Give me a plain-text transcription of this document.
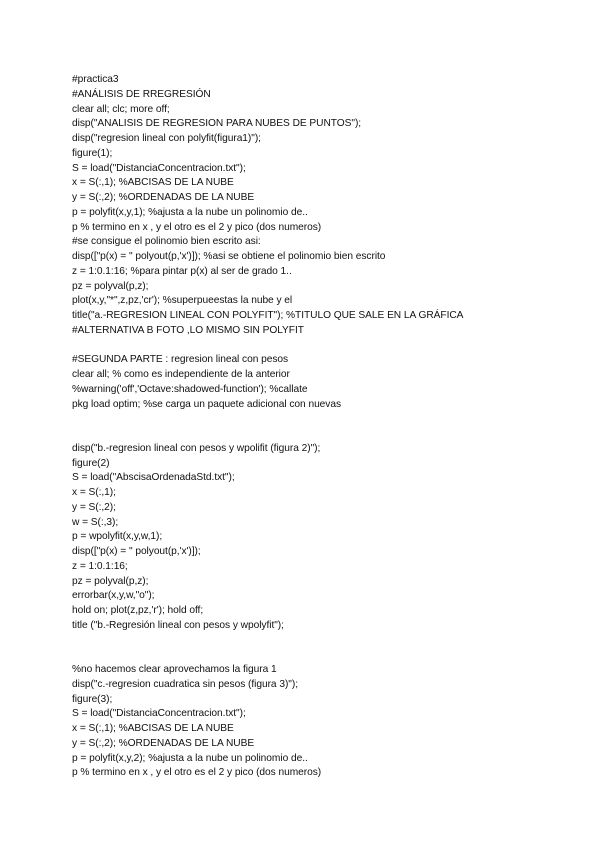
#practica3
#ANÁLISIS DE RREGRESIÓN
clear all; clc; more off;
disp("ANALISIS DE REGRESION PARA NUBES DE PUNTOS");
disp("regresion lineal con polyfit(figura1)");
figure(1);
S = load("DistanciaConcentracion.txt");
x = S(:,1); %ABCISAS DE LA NUBE
y = S(:,2); %ORDENADAS DE LA NUBE
p = polyfit(x,y,1); %ajusta a la nube un polinomio de..
p % termino en x , y el otro es el 2 y pico (dos numeros)
#se consigue el polinomio bien escrito asi:
disp(["p(x) = " polyout(p,'x')]); %asi se obtiene el polinomio bien escrito
z = 1:0.1:16; %para pintar p(x) al ser de grado 1..
pz = polyval(p,z);
plot(x,y,"*",z,pz,'cr'); %superpueestas la nube y el
title("a.-REGRESION LINEAL CON POLYFIT"); %TITULO QUE SALE EN LA GRÁFICA
#ALTERNATIVA B FOTO ,LO MISMO SIN POLYFIT
#SEGUNDA PARTE : regresion lineal con pesos
clear all; % como es independiente de la anterior
%warning('off','Octave:shadowed-function'); %callate
pkg load optim; %se carga un paquete adicional con nuevas
disp("b.-regresion lineal con pesos y wpolifit (figura 2)");
figure(2)
S = load("AbscisaOrdenadaStd.txt");
x = S(:,1);
y = S(:,2);
w = S(:,3);
p = wpolyfit(x,y,w,1);
disp(["p(x) = " polyout(p,'x')]);
z = 1:0.1:16;
pz = polyval(p,z);
errorbar(x,y,w,"o");
hold on; plot(z,pz,'r'); hold off;
title ("b.-Regresión lineal con pesos y wpolyfit");
%no hacemos clear aprovechamos la figura 1
disp("c.-regresion cuadratica sin pesos (figura 3)");
figure(3);
S = load("DistanciaConcentracion.txt");
x = S(:,1); %ABCISAS DE LA NUBE
y = S(:,2); %ORDENADAS DE LA NUBE
p = polyfit(x,y,2); %ajusta a la nube un polinomio de..
p % termino en x , y el otro es el 2 y pico (dos numeros)
